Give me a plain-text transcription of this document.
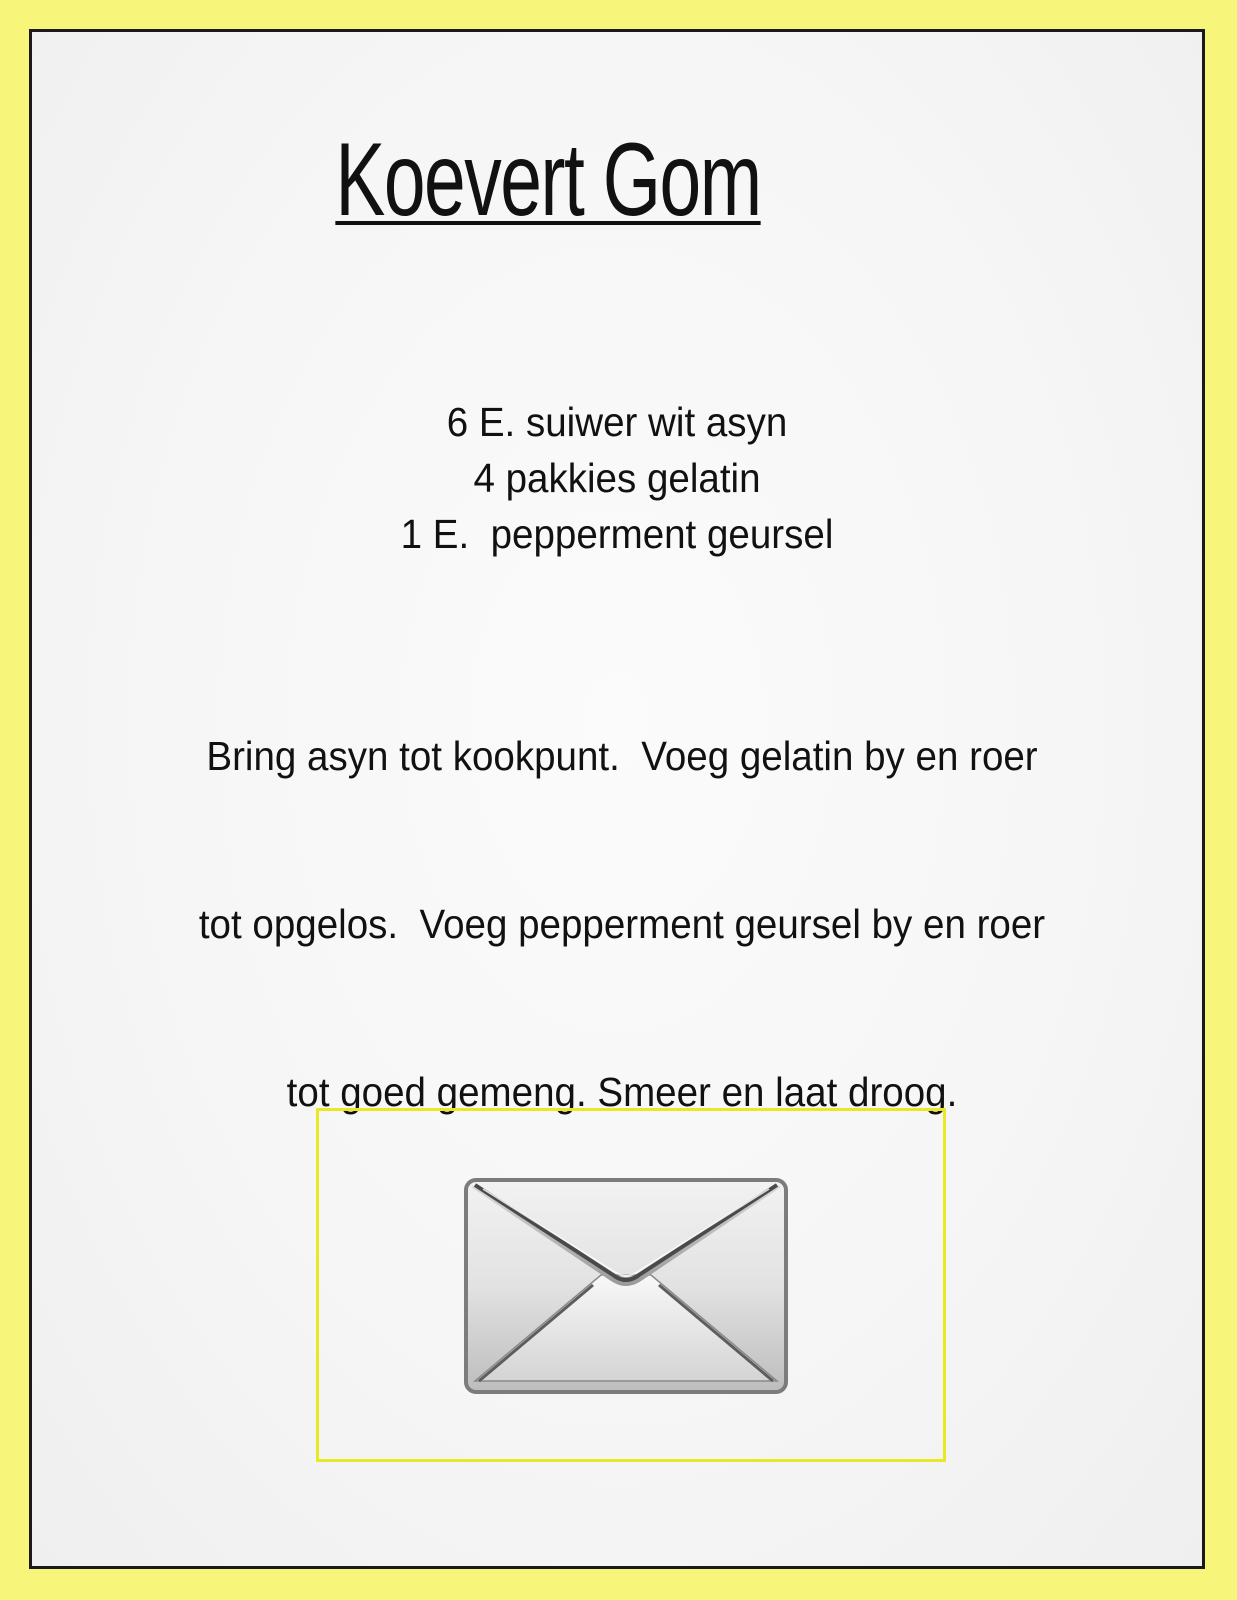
Koevert Gom
6 E. suiwer wit asyn
4 pakkies gelatin
1 E.  pepperment geursel

Bring asyn tot kookpunt.  Voeg gelatin by en roer

tot opgelos.  Voeg pepperment geursel by en roer

tot goed gemeng. Smeer en laat droog.
